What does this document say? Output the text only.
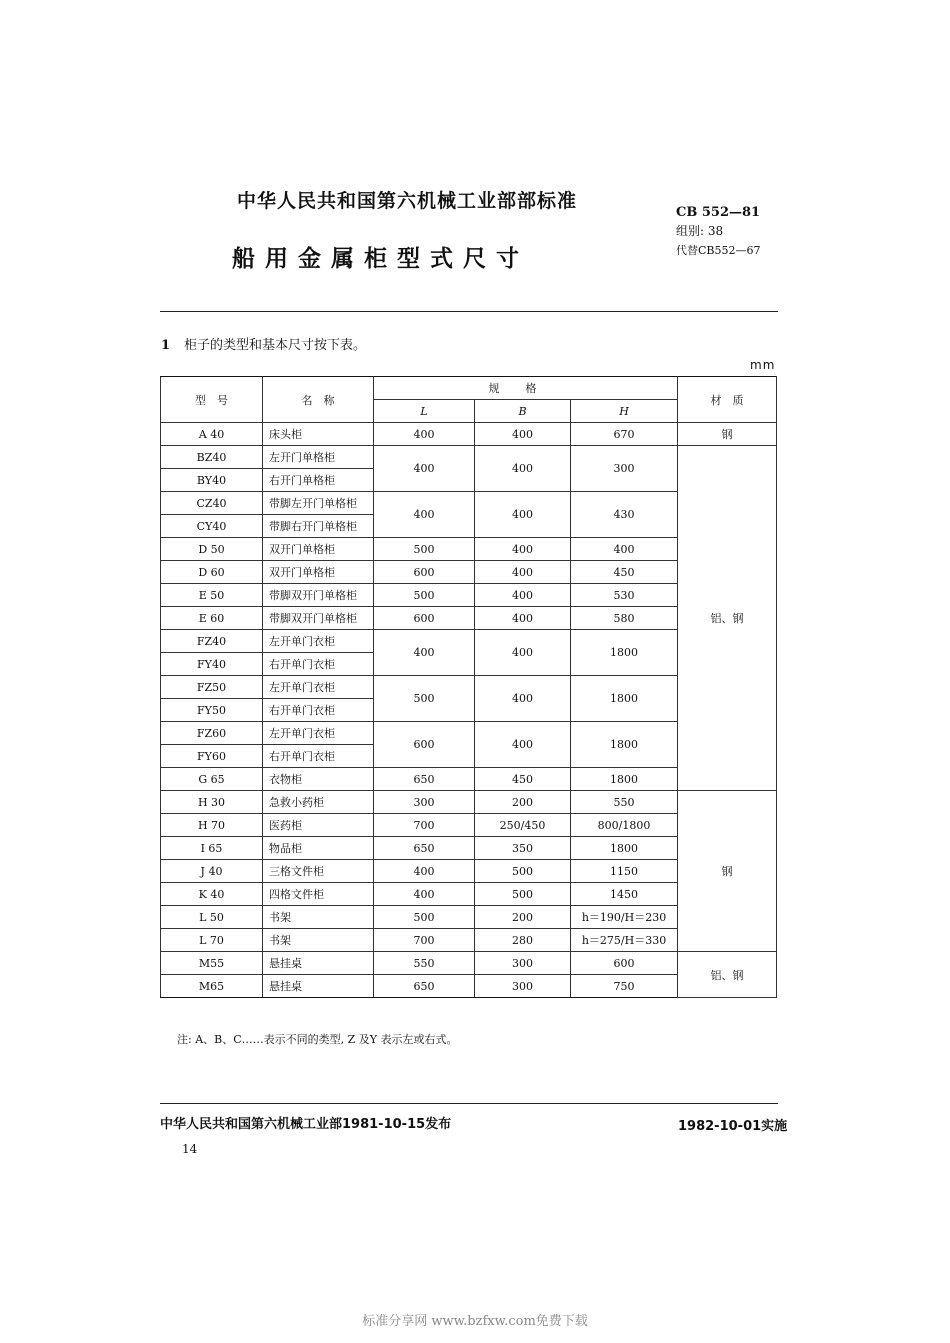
中华人民共和国第六机械工业部部标准
船用金属柜型式尺寸
CB 552—81
组别: 38
代替CB552—67
1 柜子的类型和基本尺寸按下表。
mm
型　号	名　称	规格			材　质
		L	B	H	
A 40	床头柜	400	400	670	钢
BZ40	左开门单格柜	400	400	300	铝、钢
BY40	右开门单格柜				
CZ40	带脚左开门单格柜	400	400	430	
CY40	带脚右开门单格柜				
D 50	双开门单格柜	500	400	400	
D 60	双开门单格柜	600	400	450	
E 50	带脚双开门单格柜	500	400	530	
E 60	带脚双开门单格柜	600	400	580	
FZ40	左开单门衣柜	400	400	1800	
FY40	右开单门衣柜				
FZ50	左开单门衣柜	500	400	1800	
FY50	右开单门衣柜				
FZ60	左开单门衣柜	600	400	1800	
FY60	右开单门衣柜				
G 65	衣物柜	650	450	1800	
H 30	急救小药柜	300	200	550	钢
H 70	医药柜	700	250/450	800/1800	
I 65	物品柜	650	350	1800	
J 40	三格文件柜	400	500	1150	
K 40	四格文件柜	400	500	1450	
L 50	书架	500	200	h＝190/H＝230	
L 70	书架	700	280	h＝275/H＝330	
M55	悬挂桌	550	300	600	铝、钢
M65	悬挂桌	650	300	750	
注: A、B、C……表示不同的类型, Z 及Y 表示左或右式。
中华人民共和国第六机械工业部1981-10-15发布	1982-10-01实施
14
标准分享网 www.bzfxw.com免费下载
